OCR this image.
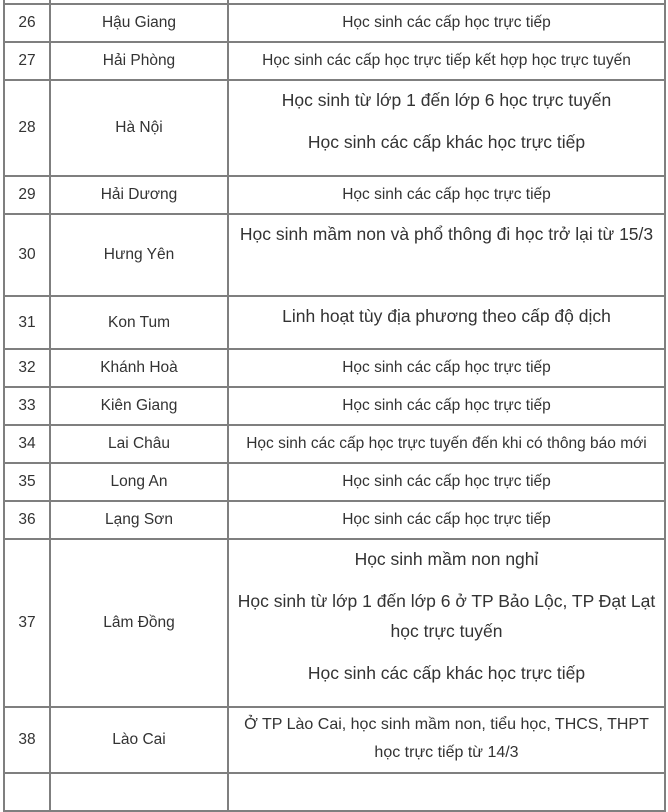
26	Hậu Giang	Học sinh các cấp học trực tiếp
27	Hải Phòng	Học sinh các cấp học trực tiếp kết hợp học trực tuyến
28	Hà Nội	Học sinh từ lớp 1 đến lớp 6 học trực tuyến

Học sinh các cấp khác học trực tiếp

29	Hải Dương	Học sinh các cấp học trực tiếp
30	Hưng Yên	Học sinh mầm non và phổ thông đi học trở lại từ 15/3

31	Kon Tum	Linh hoạt tùy địa phương theo cấp độ dịch

32	Khánh Hoà	Học sinh các cấp học trực tiếp
33	Kiên Giang	Học sinh các cấp học trực tiếp
34	Lai Châu	Học sinh các cấp học trực tuyến đến khi có thông báo mới
35	Long An	Học sinh các cấp học trực tiếp
36	Lạng Sơn	Học sinh các cấp học trực tiếp
37	Lâm Đồng	Học sinh mầm non nghỉ

Học sinh từ lớp 1 đến lớp 6 ở TP Bảo Lộc, TP Đạt Lạt học trực tuyến

Học sinh các cấp khác học trực tiếp

38	Lào Cai	Ở TP Lào Cai, học sinh mầm non, tiểu học, THCS, THPT học trực tiếp từ 14/3
